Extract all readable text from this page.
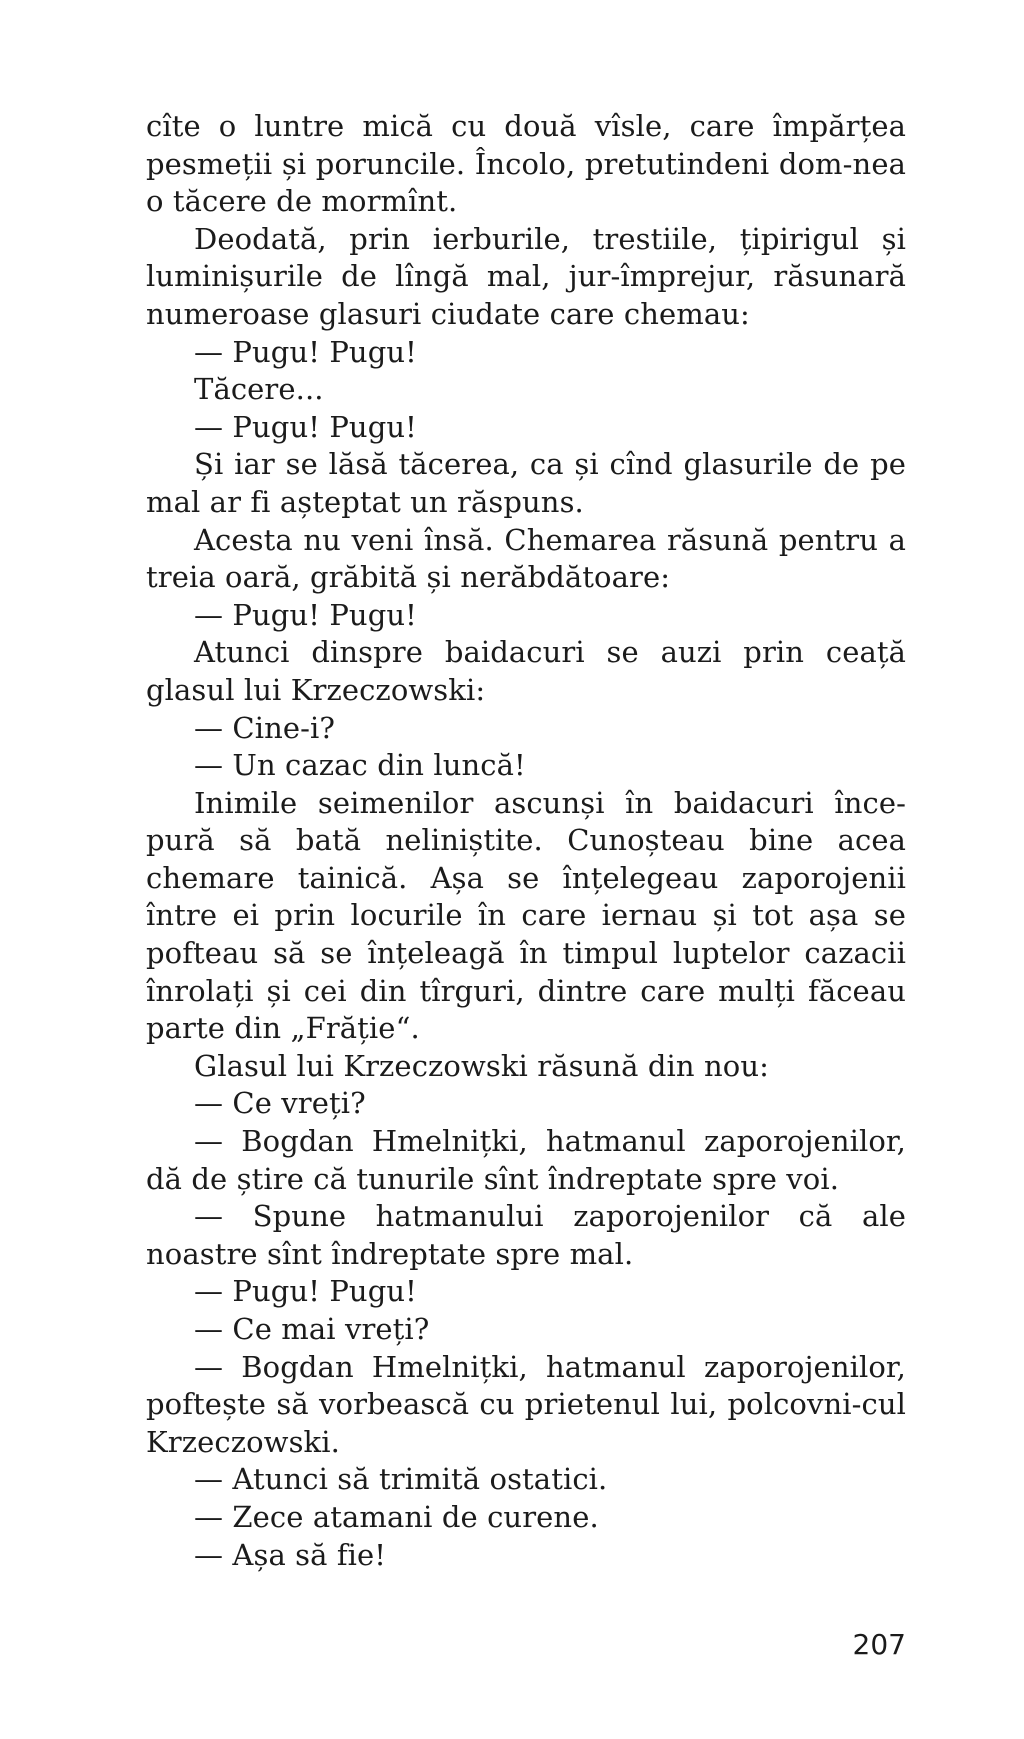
cîte o luntre mică cu două vîsle, care împărțea pesmeții și poruncile. Încolo, pretutindeni dom-nea o tăcere de mormînt.

Deodată, prin ierburile, trestiile, țipirigul și luminișurile de lîngă mal, jur-împrejur, răsunară numeroase glasuri ciudate care chemau:

— Pugu! Pugu!

Tăcere...

— Pugu! Pugu!

Și iar se lăsă tăcerea, ca și cînd glasurile de pe mal ar fi așteptat un răspuns.

Acesta nu veni însă. Chemarea răsună pentru a treia oară, grăbită și nerăbdătoare:

— Pugu! Pugu!

Atunci dinspre baidacuri se auzi prin ceață glasul lui Krzeczowski:

— Cine-i?

— Un cazac din luncă!

Inimile seimenilor ascunși în baidacuri înce-pură să bată neliniștite. Cunoșteau bine acea chemare tainică. Așa se înțelegeau zaporojenii între ei prin locurile în care iernau și tot așa se pofteau să se înțeleagă în timpul luptelor cazacii înrolați și cei din tîrguri, dintre care mulți făceau parte din „Frăție“.

Glasul lui Krzeczowski răsună din nou:

— Ce vreți?

— Bogdan Hmelnițki, hatmanul zaporojenilor, dă de știre că tunurile sînt îndreptate spre voi.

— Spune hatmanului zaporojenilor că ale noastre sînt îndreptate spre mal.

— Pugu! Pugu!

— Ce mai vreți?

— Bogdan Hmelnițki, hatmanul zaporojenilor, poftește să vorbească cu prietenul lui, polcovni-cul Krzeczowski.

— Atunci să trimită ostatici.

— Zece atamani de curene.

— Așa să fie!

207
